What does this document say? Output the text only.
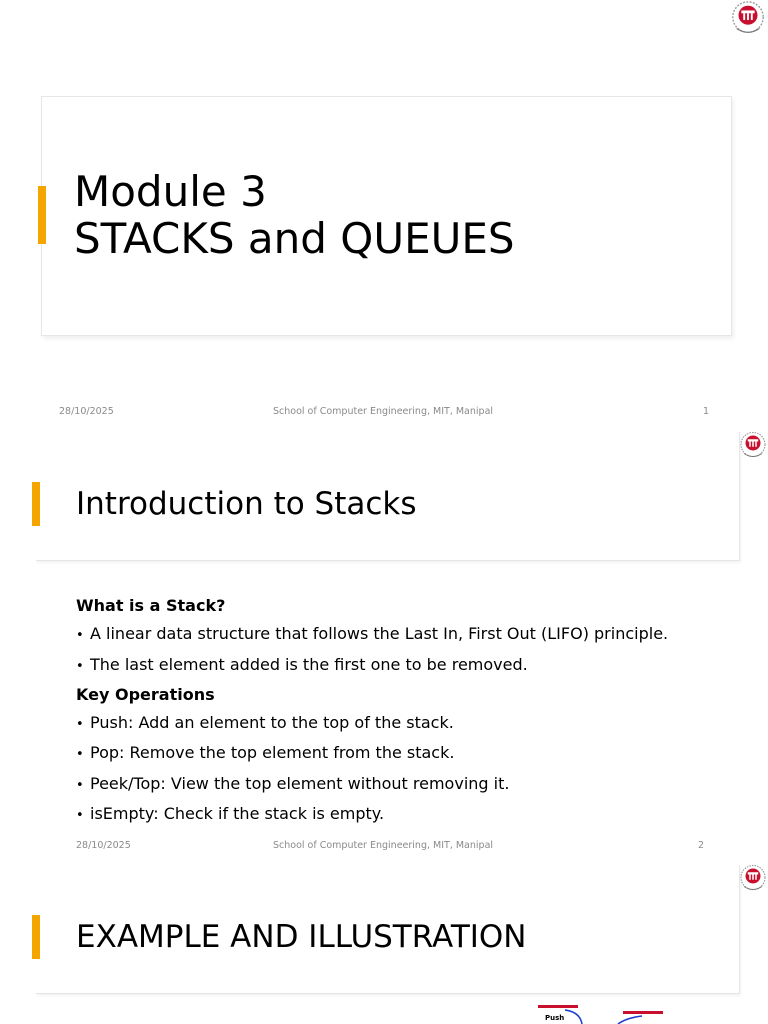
Module 3
STACKS and QUEUES
28/10/2025	School of Computer Engineering, MIT, Manipal	1
Introduction to Stacks
What is a Stack?
• A linear data structure that follows the Last In, First Out (LIFO) principle.
• The last element added is the first one to be removed.
Key Operations
• Push: Add an element to the top of the stack.
• Pop: Remove the top element from the stack.
• Peek/Top: View the top element without removing it.
• isEmpty: Check if the stack is empty.
28/10/2025	School of Computer Engineering, MIT, Manipal	2
EXAMPLE AND ILLUSTRATION
Push
